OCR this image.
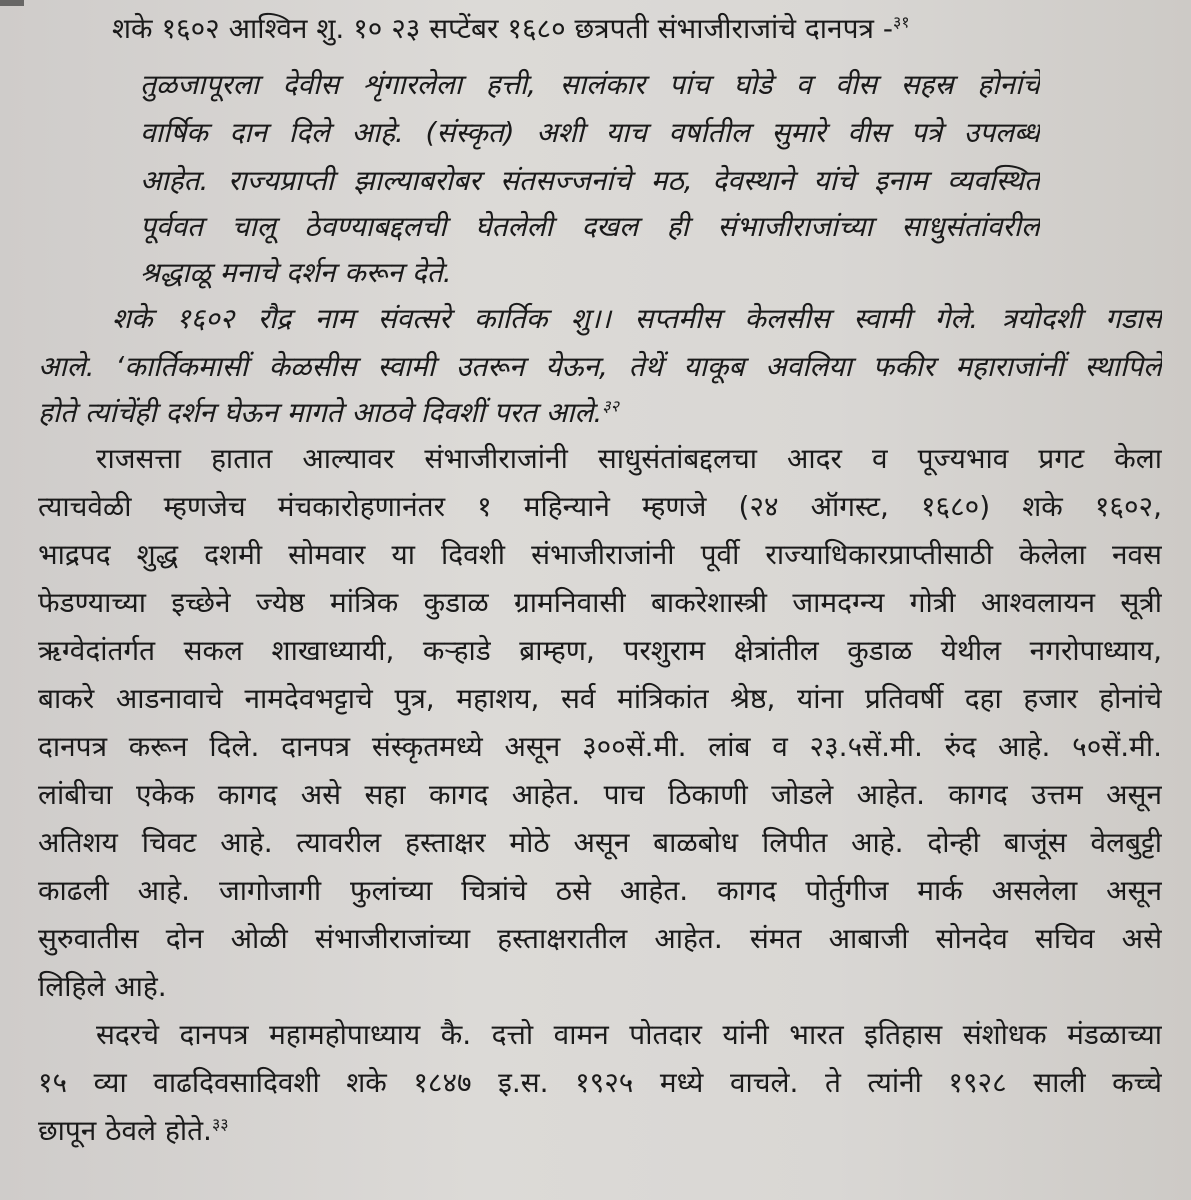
शके १६०२ आश्विन शु. १० २३ सप्टेंबर १६८० छत्रपती संभाजीराजांचे दानपत्र -$^{३१}$
तुळजापूरला देवीस शृंगारलेला हत्ती, सालंकार पांच घोडे व वीस सहस्र होनांचे
वार्षिक दान दिले आहे. (संस्कृत) अशी याच वर्षातील सुमारे वीस पत्रे उपलब्ध
आहेत. राज्यप्राप्ती झाल्याबरोबर संतसज्जनांचे मठ, देवस्थाने यांचे इनाम व्यवस्थित
पूर्ववत चालू ठेवण्याबद्दलची घेतलेली दखल ही संभाजीराजांच्या साधुसंतांवरील
श्रद्धाळू मनाचे दर्शन करून देते.
शके १६०२ रौद्र नाम संवत्सरे कार्तिक शु।। सप्तमीस केलसीस स्वामी गेले. त्रयोदशी गडास
आले. ‘कार्तिकमासीं केळसीस स्वामी उतरून येऊन, तेथें याकूब अवलिया फकीर महाराजांनीं स्थापिले
होते त्यांचेंही दर्शन घेऊन मागते आठवे दिवशीं परत आले.$^{३२}$
राजसत्ता हातात आल्यावर संभाजीराजांनी साधुसंतांबद्दलचा आदर व पूज्यभाव प्रगट केला
त्याचवेळी म्हणजेच मंचकारोहणानंतर १ महिन्याने म्हणजे (२४ ऑगस्ट, १६८०) शके १६०२,
भाद्रपद शुद्ध दशमी सोमवार या दिवशी संभाजीराजांनी पूर्वी राज्याधिकारप्राप्तीसाठी केलेला नवस
फेडण्याच्या इच्छेने ज्येष्ठ मांत्रिक कुडाळ ग्रामनिवासी बाकरेशास्त्री जामदग्न्य गोत्री आश्वलायन सूत्री
ऋग्वेदांतर्गत सकल शाखाध्यायी, कऱ्हाडे ब्राम्हण, परशुराम क्षेत्रांतील कुडाळ येथील नगरोपाध्याय,
बाकरे आडनावाचे नामदेवभट्टाचे पुत्र, महाशय, सर्व मांत्रिकांत श्रेष्ठ, यांना प्रतिवर्षी दहा हजार होनांचे
दानपत्र करून दिले. दानपत्र संस्कृतमध्ये असून ३००सें.मी. लांब व २३.५सें.मी. रुंद आहे. ५०सें.मी.
लांबीचा एकेक कागद असे सहा कागद आहेत. पाच ठिकाणी जोडले आहेत. कागद उत्तम असून
अतिशय चिवट आहे. त्यावरील हस्ताक्षर मोठे असून बाळबोध लिपीत आहे. दोन्ही बाजूंस वेलबुट्टी
काढली आहे. जागोजागी फुलांच्या चित्रांचे ठसे आहेत. कागद पोर्तुगीज मार्क असलेला असून
सुरुवातीस दोन ओळी संभाजीराजांच्या हस्ताक्षरातील आहेत. संमत आबाजी सोनदेव सचिव असे
लिहिले आहे.
सदरचे दानपत्र महामहोपाध्याय कै. दत्तो वामन पोतदार यांनी भारत इतिहास संशोधक मंडळाच्या
१५ व्या वाढदिवसादिवशी शके १८४७ इ.स. १९२५ मध्ये वाचले. ते त्यांनी १९२८ साली कच्चे
छापून ठेवले होते.$^{३३}$
